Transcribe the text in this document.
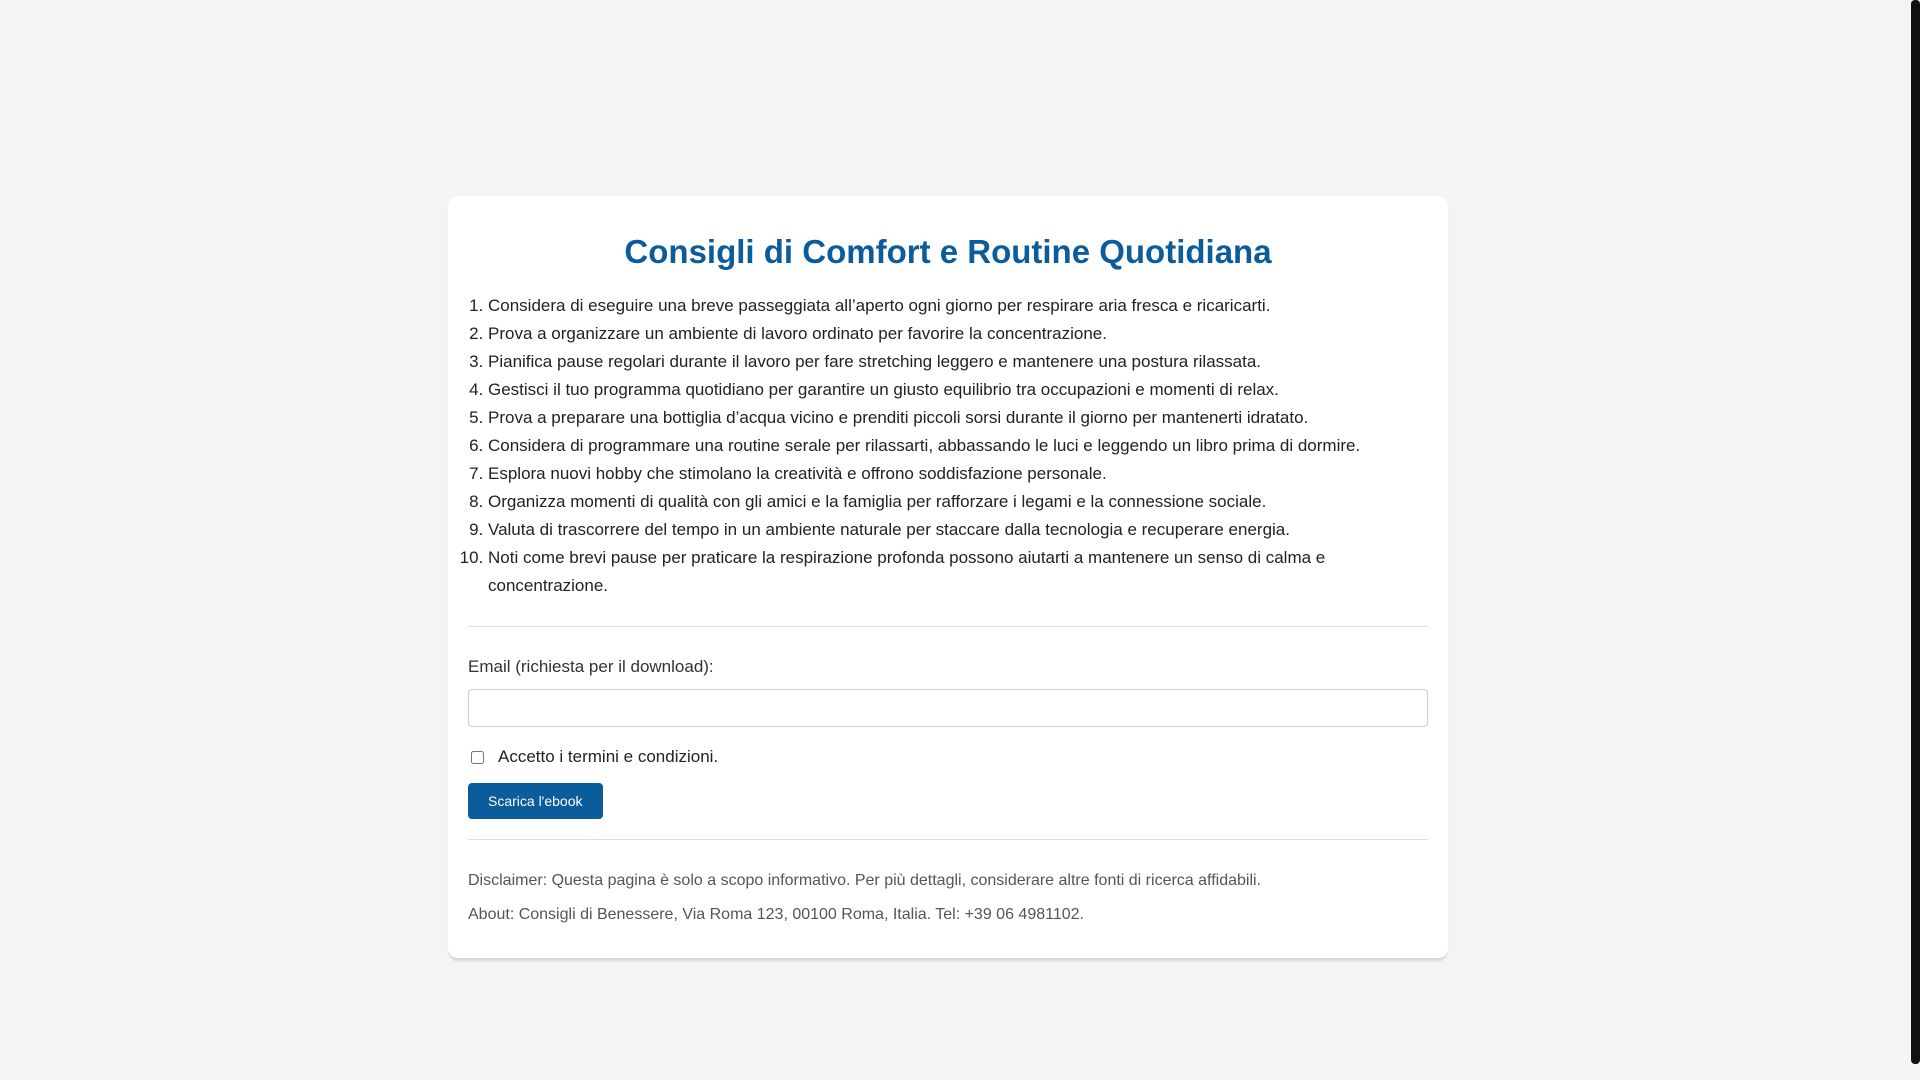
Consigli di Comfort e Routine Quotidiana
1. Considera di eseguire una breve passeggiata all’aperto ogni giorno per respirare aria fresca e ricaricarti.
2. Prova a organizzare un ambiente di lavoro ordinato per favorire la concentrazione.
3. Pianifica pause regolari durante il lavoro per fare stretching leggero e mantenere una postura rilassata.
4. Gestisci il tuo programma quotidiano per garantire un giusto equilibrio tra occupazioni e momenti di relax.
5. Prova a preparare una bottiglia d’acqua vicino e prenditi piccoli sorsi durante il giorno per mantenerti idratato.
6. Considera di programmare una routine serale per rilassarti, abbassando le luci e leggendo un libro prima di dormire.
7. Esplora nuovi hobby che stimolano la creatività e offrono soddisfazione personale.
8. Organizza momenti di qualità con gli amici e la famiglia per rafforzare i legami e la connessione sociale.
9. Valuta di trascorrere del tempo in un ambiente naturale per staccare dalla tecnologia e recuperare energia.
10. Noti come brevi pause per praticare la respirazione profonda possono aiutarti a mantenere un senso di calma e concentrazione.
Email (richiesta per il download):
Accetto i termini e condizioni.
Scarica l'ebook

Disclaimer: Questa pagina è solo a scopo informativo. Per più dettagli, considerare altre fonti di ricerca affidabili.

About: Consigli di Benessere, Via Roma 123, 00100 Roma, Italia. Tel: +39 06 4981102.
